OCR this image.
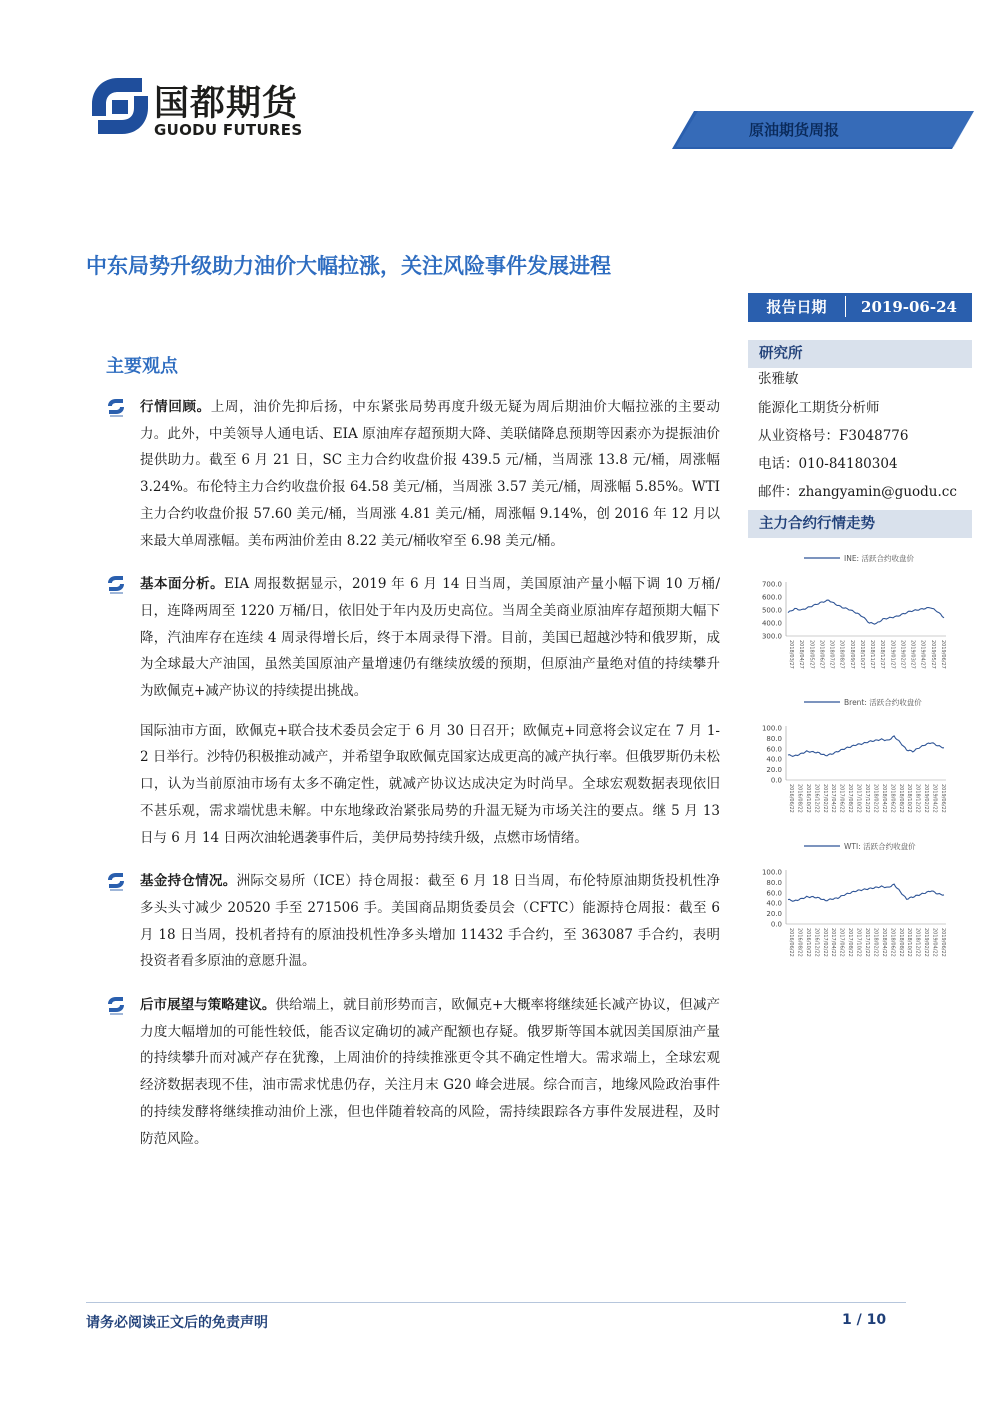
国都期货
GUODU FUTURES	原油期货周报
中东局势升级助力油价大幅拉涨，关注风险事件发展进程
报告日期	2019-06-24
主要观点
行情回顾。上周，油价先抑后扬，中东紧张局势再度升级无疑为周后期油价大幅拉涨的主要动力。此外，中美领导人通电话、EIA 原油库存超预期大降、美联储降息预期等因素亦为提振油价提供助力。截至 6 月 21 日，SC 主力合约收盘价报 439.5 元/桶，当周涨 13.8 元/桶，周涨幅 3.24%。布伦特主力合约收盘价报 64.58 美元/桶，当周涨 3.57 美元/桶，周涨幅 5.85%。WTI 主力合约收盘价报 57.60 美元/桶，当周涨 4.81 美元/桶，周涨幅 9.14%，创 2016 年 12 月以来最大单周涨幅。美布两油价差由 8.22 美元/桶收窄至 6.98 美元/桶。
基本面分析。EIA 周报数据显示，2019 年 6 月 14 日当周，美国原油产量小幅下调 10 万桶/日，连降两周至 1220 万桶/日，依旧处于年内及历史高位。当周全美商业原油库存超预期大幅下降，汽油库存在连续 4 周录得增长后，终于本周录得下滑。目前，美国已超越沙特和俄罗斯，成为全球最大产油国，虽然美国原油产量增速仍有继续放缓的预期，但原油产量绝对值的持续攀升为欧佩克+减产协议的持续提出挑战。
国际油市方面，欧佩克+联合技术委员会定于 6 月 30 日召开；欧佩克+同意将会议定在 7 月 1-2 日举行。沙特仍积极推动减产，并希望争取欧佩克国家达成更高的减产执行率。但俄罗斯仍未松口，认为当前原油市场有太多不确定性，就减产协议达成决定为时尚早。全球宏观数据表现依旧不甚乐观，需求端忧患未解。中东地缘政治紧张局势的升温无疑为市场关注的要点。继 5 月 13 日与 6 月 14 日两次油轮遇袭事件后，美伊局势持续升级，点燃市场情绪。
基金持仓情况。洲际交易所（ICE）持仓周报：截至 6 月 18 日当周，布伦特原油期货投机性净多头头寸减少 20520 手至 271506 手。美国商品期货委员会（CFTC）能源持仓周报：截至 6 月 18 日当周，投机者持有的原油投机性净多头增加 11432 手合约，至 363087 手合约，表明投资者看多原油的意愿升温。
后市展望与策略建议。供给端上，就目前形势而言，欧佩克+大概率将继续延长减产协议，但减产力度大幅增加的可能性较低，能否议定确切的减产配额也存疑。俄罗斯等国本就因美国原油产量的持续攀升而对减产存在犹豫，上周油价的持续推涨更令其不确定性增大。需求端上，全球宏观经济数据表现不佳，油市需求忧患仍存，关注月末 G20 峰会进展。综合而言，地缘风险政治事件的持续发酵将继续推动油价上涨，但也伴随着较高的风险，需持续跟踪各方事件发展进程，及时防范风险。
研究所
张雅敏
能源化工期货分析师
从业资格号：F3048776
电话：010-84180304
邮件：zhangyamin@guodu.cc
主力合约行情走势
INE: 活跃合约收盘价
700.0
600.0
500.0
400.0
300.0
2018/03/27 2018/04/27 2018/05/27 2018/06/27 2018/07/27 2018/08/27 2018/09/27 2018/10/27 2018/11/27 2018/12/27 2019/01/27 2019/02/27 2019/03/27 2019/04/27 2019/05/27 2019/06/27
Brent: 活跃合约收盘价
100.0
80.0
60.0
40.0
20.0
0.0
2016/06/22 2016/08/22 2016/10/22 2016/12/22 2017/02/22 2017/04/22 2017/06/22 2017/08/22 2017/10/22 2017/12/22 2018/02/22 2018/04/22 2018/06/22 2018/08/22 2018/10/22 2018/12/22 2019/02/22 2019/04/22 2019/06/22
WTI: 活跃合约收盘价
100.0
80.0
60.0
40.0
20.0
0.0
2016/06/22 2016/08/22 2016/10/22 2016/12/22 2017/02/22 2017/04/22 2017/06/22 2017/08/22 2017/10/22 2017/12/22 2018/02/22 2018/04/22 2018/06/22 2018/08/22 2018/10/22 2018/12/22 2019/02/22 2019/04/22 2019/06/22
请务必阅读正文后的免责声明	1 / 10
